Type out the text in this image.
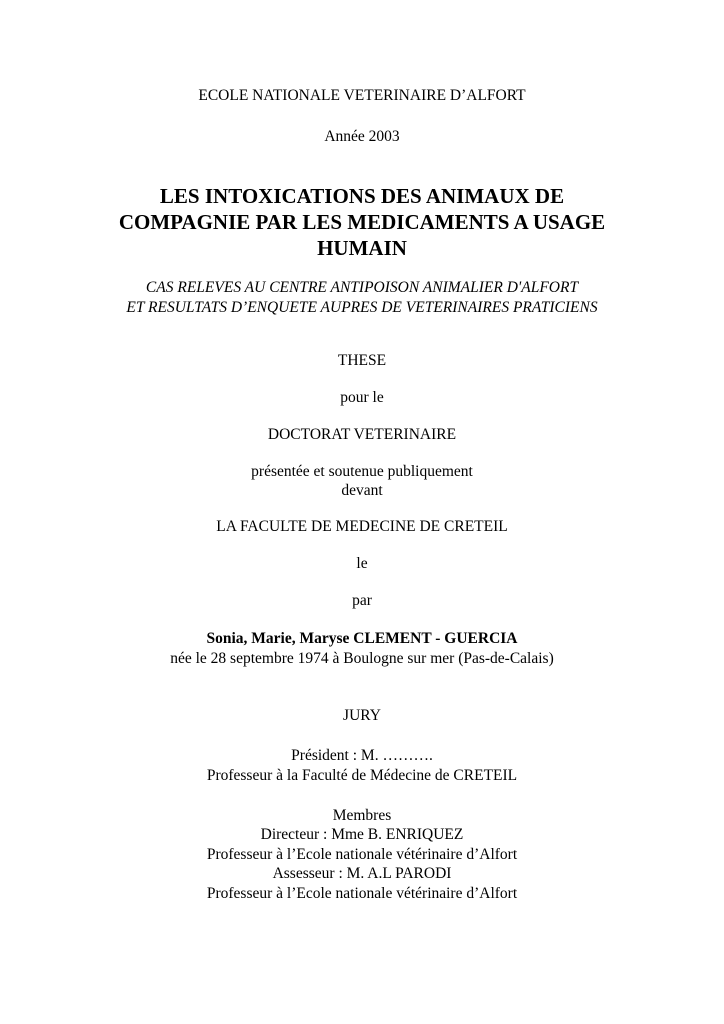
ECOLE NATIONALE VETERINAIRE D’ALFORT
Année 2003
LES INTOXICATIONS DES ANIMAUX DE
COMPAGNIE PAR LES MEDICAMENTS A USAGE
HUMAIN
CAS RELEVES AU CENTRE ANTIPOISON ANIMALIER D'ALFORT
ET RESULTATS D’ENQUETE AUPRES DE VETERINAIRES PRATICIENS
THESE
pour le
DOCTORAT VETERINAIRE
présentée et soutenue publiquement
devant
LA FACULTE DE MEDECINE DE CRETEIL
le
par
Sonia, Marie, Maryse CLEMENT - GUERCIA
née le 28 septembre 1974 à Boulogne sur mer (Pas-de-Calais)
JURY
Président : M. ……….
Professeur à la Faculté de Médecine de CRETEIL
Membres
Directeur : Mme B. ENRIQUEZ
Professeur à l’Ecole nationale vétérinaire d’Alfort
Assesseur : M. A.L PARODI
Professeur à l’Ecole nationale vétérinaire d’Alfort
